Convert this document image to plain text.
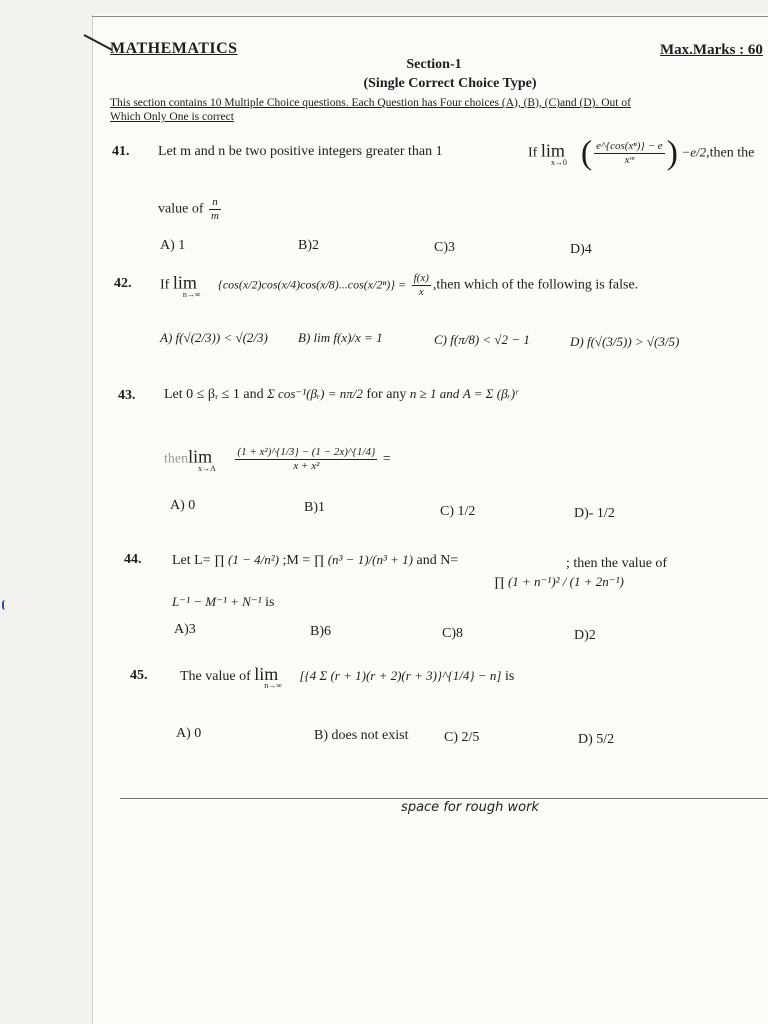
MATHEMATICS	Max.Marks : 60
Section-1
(Single Correct Choice Type)
This section contains 10 Multiple Choice questions. Each Question has Four choices (A), (B), (C)and (D). Out of
Which Only One is correct
41. Let m and n be two positive integers greater than 1	If $\lim_{x\to 0}$ ( $\frac{\text{e\textasciicircum{}\{cos(xⁿ)\} − e}}{\text{xᵐ}}$ ) −e/2,then the
value of $\frac{n}{m}$
A) 1	B)2	C)3	D)4
42. If $\lim_{n\to\infty} \{\cos(x/2)\cos(x/4)\cos(x/8)...\cos(x/2^n)\} = \frac{f(x)}{x}$ ,then which of the following is false.
A) f(√(2/3)) < √(2/3) B) lim f(x)/x = 1	C) f(π/8) < √2 − 1	D) f(√(3/5)) > √(3/5)
43. Let 0 ≤ βᵣ ≤ 1 and Σ cos⁻¹(βᵣ) = nπ/2 for any n ≥ 1 and A = Σ (βᵣ)ʳ
thenlim$_{x\to A}$ $\frac{\text{(1 + x²)\textasciicircum{}\{1/3\} − (1 − 2x)\textasciicircum{}\{1/4\}}}{\text{x + x²}}$ =
A) 0	B)1	C) 1/2	D)- 1/2
44. Let L= ∏ (1 − 4/n²) ;M = ∏ (n³ − 1)/(n³ + 1) and N=
∏ (1 + n⁻¹)² / (1 + 2n⁻¹)
; then the value of
L⁻¹ − M⁻¹ + N⁻¹ is
A)3	B)6	C)8	D)2
45. The value of $\lim_{n\to\infty} [\{4$ Σ (r + 1)(r + 2)(r + 3)}^{1/4} − n] is
A) 0	B) does not exist	C) 2/5	D) 5/2
space for rough work
